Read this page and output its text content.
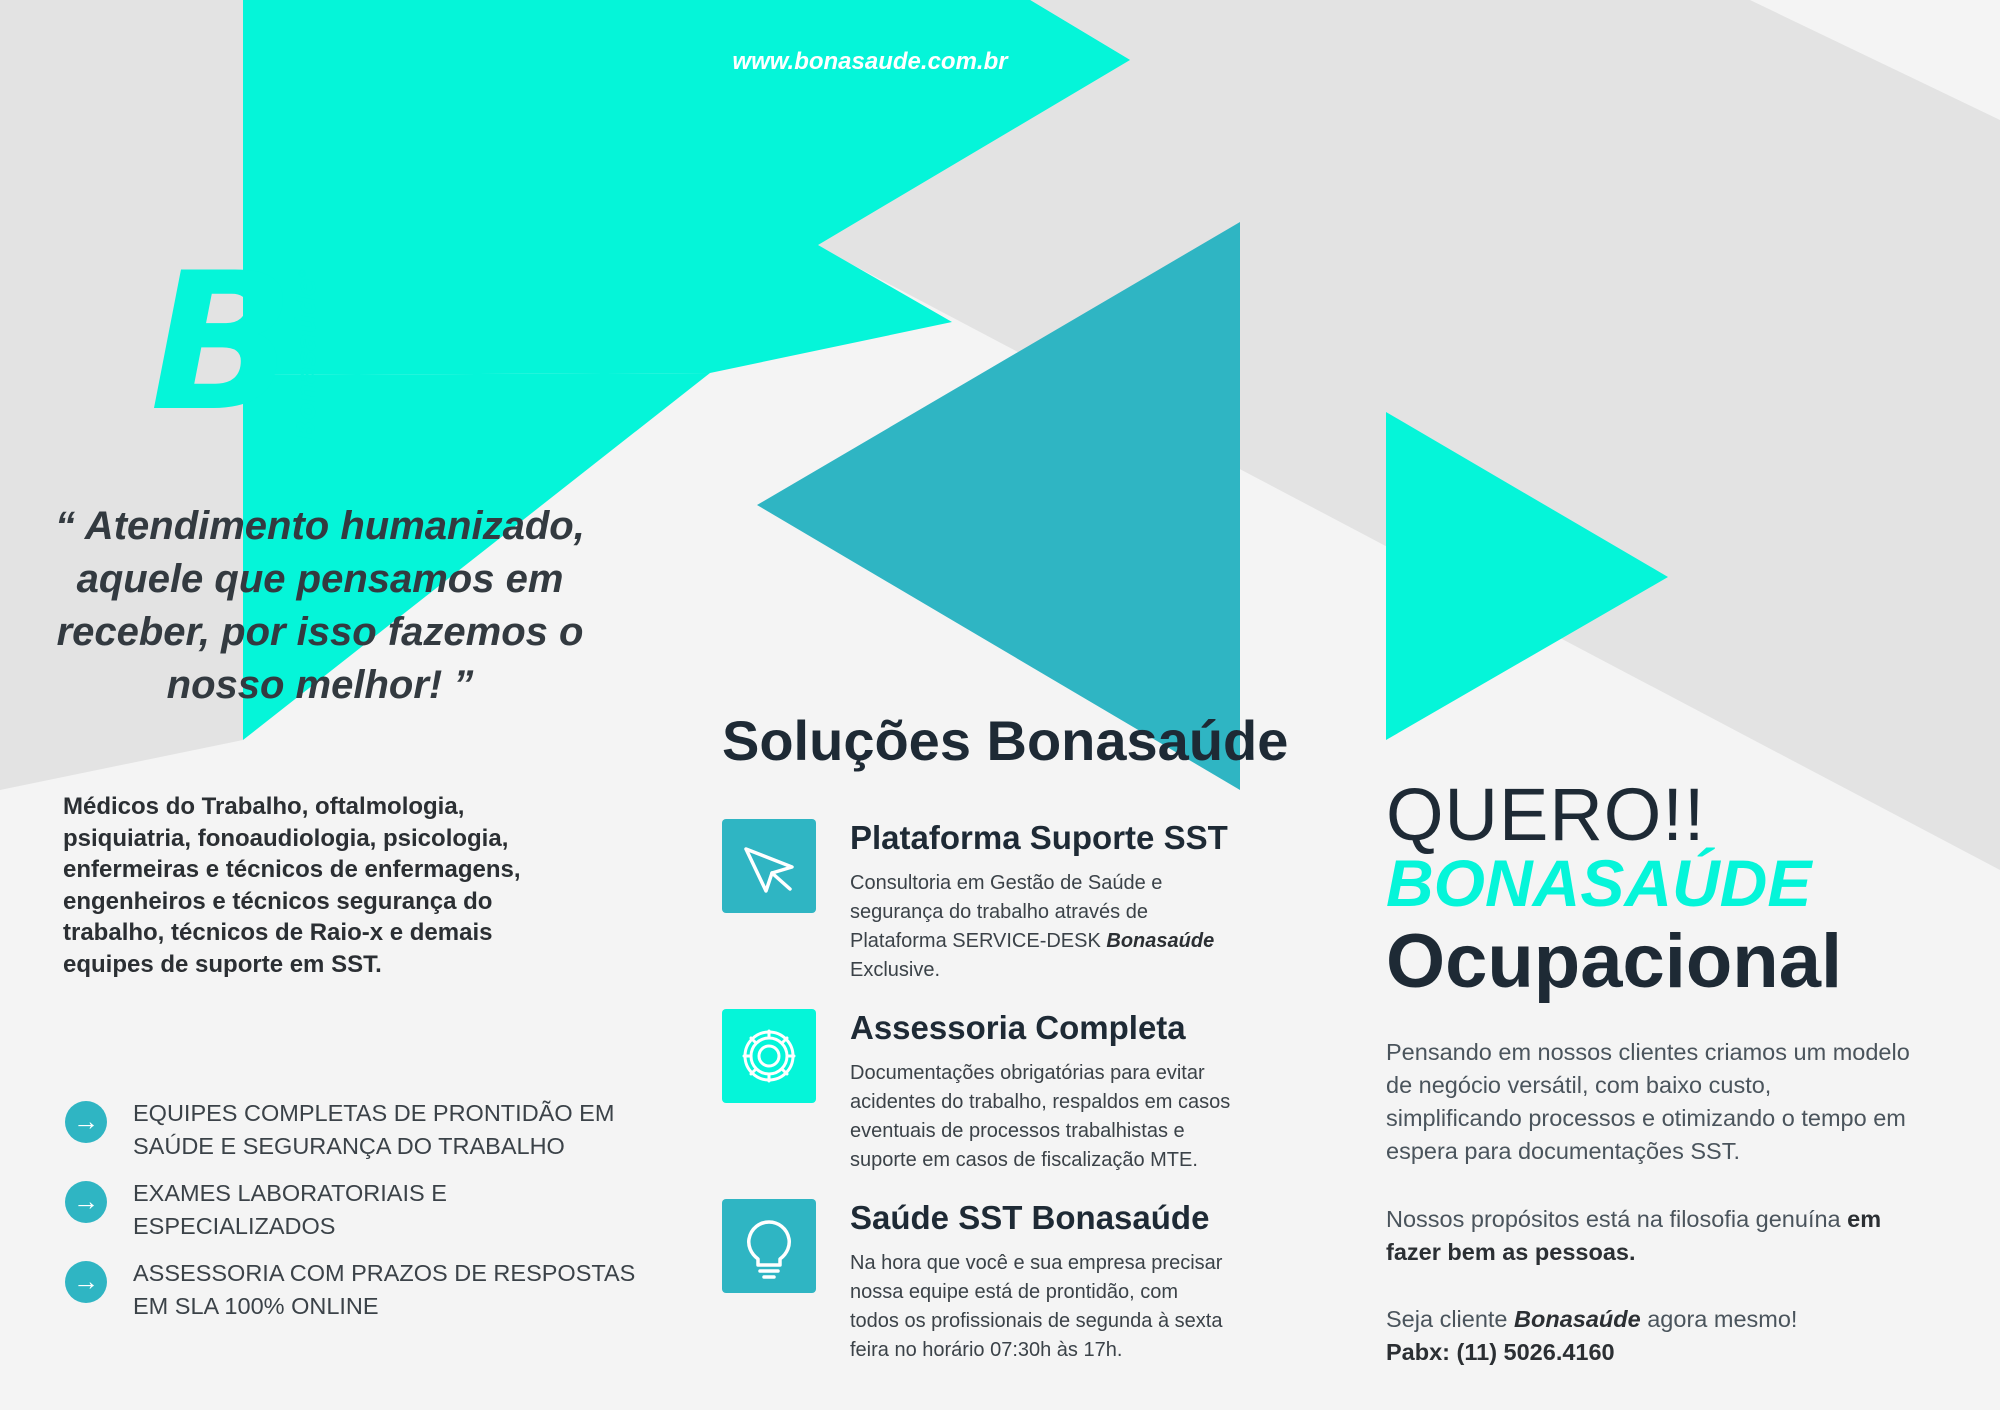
www.bonasaude.com.br
B
Bonasaúde®
“ Atendimento humanizado,
aquele que pensamos em
receber, por isso fazemos o
nosso melhor! ”
Médicos do Trabalho, oftalmologia,
psiquiatria, fonoaudiologia, psicologia,
enfermeiras e técnicos de enfermagens,
engenheiros e técnicos segurança do
trabalho, técnicos de Raio-x e demais
equipes de suporte em SST.
→	EQUIPES COMPLETAS DE PRONTIDÃO EM
SAÚDE E SEGURANÇA DO TRABALHO
→	EXAMES LABORATORIAIS E
ESPECIALIZADOS
→	ASSESSORIA COM PRAZOS DE RESPOSTAS
EM SLA 100% ONLINE
Soluções Bonasaúde
Plataforma Suporte SST
Consultoria em Gestão de Saúde e
segurança do trabalho através de
Plataforma SERVICE-DESK Bonasaúde
Exclusive.
Assessoria Completa
Documentações obrigatórias para evitar
acidentes do trabalho, respaldos em casos
eventuais de processos trabalhistas e
suporte em casos de fiscalização MTE.
Saúde SST Bonasaúde
Na hora que você e sua empresa precisar
nossa equipe está de prontidão, com
todos os profissionais de segunda à sexta
feira no horário 07:30h às 17h.
QUERO!!
BONASAÚDE
Ocupacional
Pensando em nossos clientes criamos um modelo
de negócio versátil, com baixo custo,
simplificando processos e otimizando o tempo em
espera para documentações SST.
Nossos propósitos está na filosofia genuína em
fazer bem as pessoas.
Seja cliente Bonasaúde agora mesmo!
Pabx: (11) 5026.4160
